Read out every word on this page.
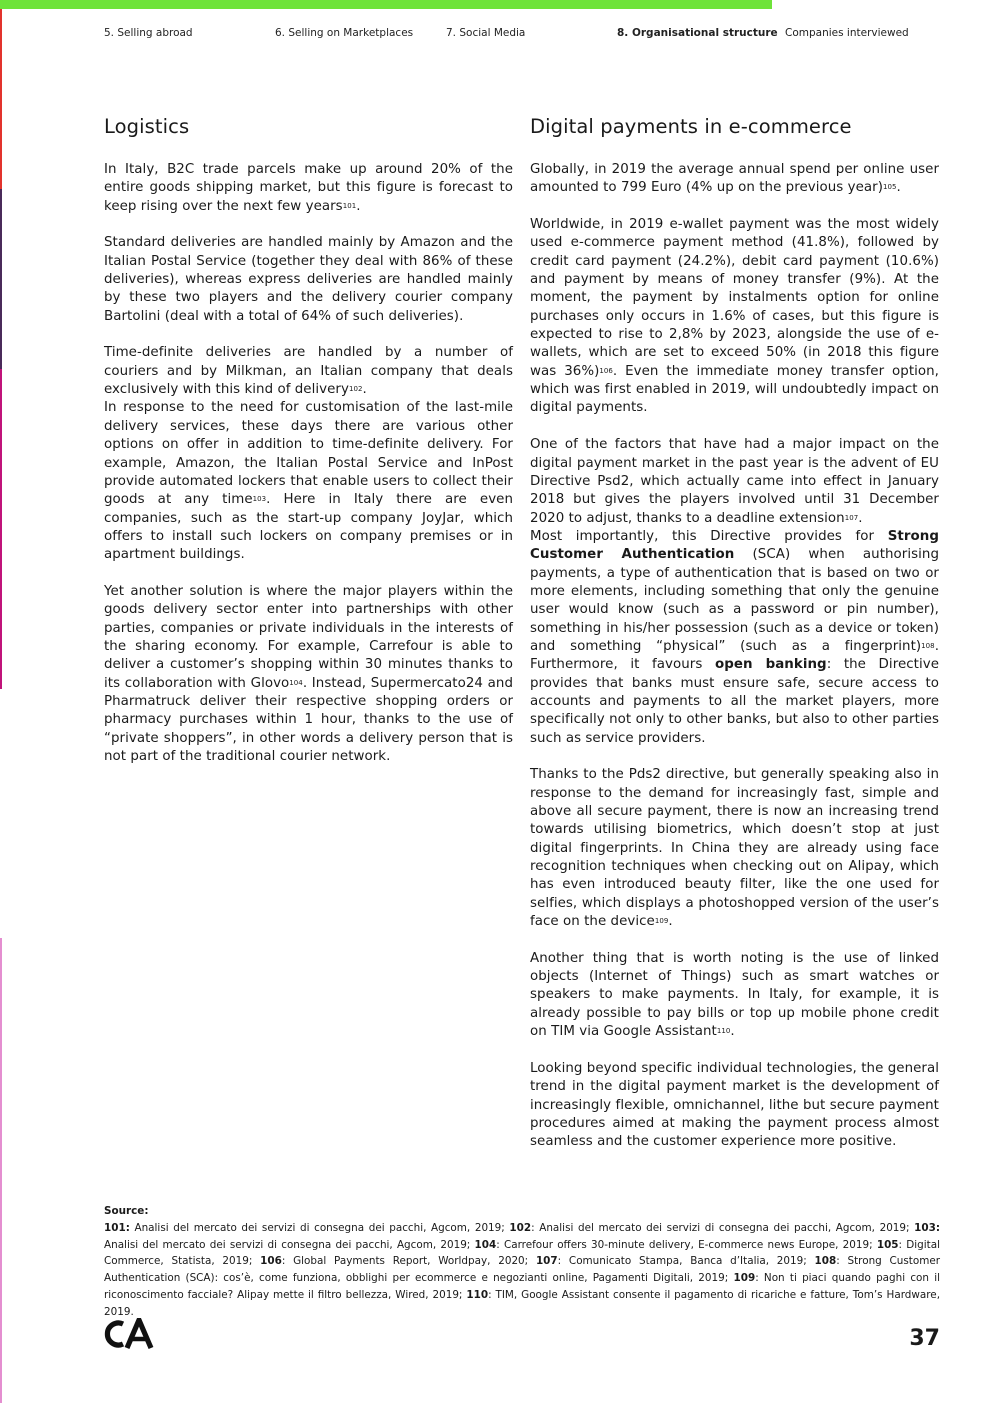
5. Selling abroad	6. Selling on Marketplaces	7. Social Media	8. Organisational structure Companies interviewed
Logistics

In Italy, B2C trade parcels make up around 20% of the entire goods shipping market, but this figure is forecast to keep rising over the next few years$^{101}$.

Standard deliveries are handled mainly by Amazon and the Italian Postal Service (together they deal with 86% of these deliveries), whereas express deliveries are handled mainly by these two players and the delivery courier company Bartolini (deal with a total of 64% of such deliveries).

Time-definite deliveries are handled by a number of couriers and by Milkman, an Italian company that deals exclusively with this kind of delivery$^{102}$.

In response to the need for customisation of the last-mile delivery services, these days there are various other options on offer in addition to time-definite delivery. For example, Amazon, the Italian Postal Service and InPost provide automated lockers that enable users to collect their goods at any time$^{103}$. Here in Italy there are even companies, such as the start-up company JoyJar, which offers to install such lockers on company premises or in apartment buildings.

Yet another solution is where the major players within the goods delivery sector enter into partnerships with other parties, companies or private individuals in the interests of the sharing economy. For example, Carrefour is able to deliver a customer’s shopping within 30 minutes thanks to its collaboration with Glovo$^{104}$. Instead, Supermercato24 and Pharmatruck deliver their respective shopping orders or pharmacy purchases within 1 hour, thanks to the use of “private shoppers”, in other words a delivery person that is not part of the traditional courier network.

Digital payments in e-commerce

Globally, in 2019 the average annual spend per online user amounted to 799 Euro (4% up on the previous year)$^{105}$.

Worldwide, in 2019 e-wallet payment was the most widely used e-commerce payment method (41.8%), followed by credit card payment (24.2%), debit card payment (10.6%) and payment by means of money transfer (9%). At the moment, the payment by instalments option for online purchases only occurs in 1.6% of cases, but this figure is expected to rise to 2,8% by 2023, alongside the use of e-wallets, which are set to exceed 50% (in 2018 this figure was 36%)$^{106}$. Even the immediate money transfer option, which was first enabled in 2019, will undoubtedly impact on digital payments.

One of the factors that have had a major impact on the digital payment market in the past year is the advent of EU Directive Psd2, which actually came into effect in January 2018 but gives the players involved until 31 December 2020 to adjust, thanks to a deadline extension$^{107}$.

Most importantly, this Directive provides for Strong Customer Authentication (SCA) when authorising payments, a type of authentication that is based on two or more elements, including something that only the genuine user would know (such as a password or pin number), something in his/her possession (such as a device or token) and something “physical” (such as a fingerprint)$^{108}$. Furthermore, it favours open banking: the Directive provides that banks must ensure safe, secure access to accounts and payments to all the market players, more specifically not only to other banks, but also to other parties such as service providers.

Thanks to the Pds2 directive, but generally speaking also in response to the demand for increasingly fast, simple and above all secure payment, there is now an increasing trend towards utilising biometrics, which doesn’t stop at just digital fingerprints. In China they are already using face recognition techniques when checking out on Alipay, which has even introduced beauty filter, like the one used for selfies, which displays a photoshopped version of the user’s face on the device$^{109}$.

Another thing that is worth noting is the use of linked objects (Internet of Things) such as smart watches or speakers to make payments. In Italy, for example, it is already possible to pay bills or top up mobile phone credit on TIM via Google Assistant$^{110}$.

Looking beyond specific individual technologies, the general trend in the digital payment market is the development of increasingly flexible, omnichannel, lithe but secure payment procedures aimed at making the payment process almost seamless and the customer experience more positive.

Source:
101: Analisi del mercato dei servizi di consegna dei pacchi, Agcom, 2019; 102: Analisi del mercato dei servizi di consegna dei pacchi, Agcom, 2019; 103: Analisi del mercato dei servizi di consegna dei pacchi, Agcom, 2019; 104: Carrefour offers 30-minute delivery, E-commerce news Europe, 2019; 105: Digital Commerce, Statista, 2019; 106: Global Payments Report, Worldpay, 2020; 107: Comunicato Stampa, Banca d’Italia, 2019; 108: Strong Customer Authentication (SCA): cos’è, come funziona, obblighi per ecommerce e negozianti online, Pagamenti Digitali, 2019; 109: Non ti piaci quando paghi con il riconoscimento facciale? Alipay mette il filtro bellezza, Wired, 2019; 110: TIM, Google Assistant consente il pagamento di ricariche e fatture, Tom’s Hardware, 2019.
37
